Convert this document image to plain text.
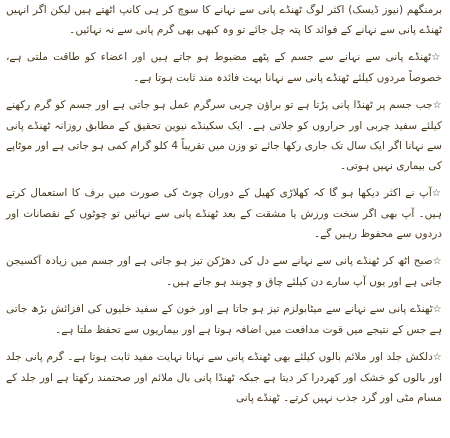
برمنگھم (نیوز ڈیسک) اکثر لوگ ٹھنڈے پانی سے نہانے کا سوچ کر ہی کانپ اٹھتے ہیں لیکن اگر انہیں ٹھنڈے پانی سے نہانے کے فوائد کا پتہ چل جائے تو وہ کبھی بھی گرم پانی سے نہ نہائیں۔

☆ٹھنڈے پانی سے نہانے سے جسم کے پٹھے مضبوط ہو جاتے ہیں اور اعضاء کو طاقت ملتی ہے، خصوصاً مردوں کیلئے ٹھنڈے پانی سے نہانا بہت فائدہ مند ثابت ہوتا ہے۔

☆جب جسم پر ٹھنڈا پانی پڑتا ہے تو براؤن چربی سرگرم عمل ہو جاتی ہے اور جسم کو گرم رکھنے کیلئے سفید چربی اور حراروں کو جلاتی ہے۔ ایک سکینڈے نیوین تحقیق کے مطابق روزانہ ٹھنڈے پانی سے نہانا اگر ایک سال تک جاری رکھا جائے تو وزن میں تقریباً 4 کلو گرام کمی ہو جاتی ہے اور موٹاپے کی بیماری نہیں ہوتی۔

☆آپ نے اکثر دیکھا ہو گا کہ کھلاڑی کھیل کے دوران چوٹ کی صورت میں برف کا استعمال کرتے ہیں۔ آپ بھی اگر سخت ورزش یا مشقت کے بعد ٹھنڈے پانی سے نہائیں تو چوٹوں کے نقصانات اور دردوں سے محفوظ رہیں گے۔

☆صبح اٹھ کر ٹھنڈے پانی سے نہانے سے دل کی دھڑکن تیز ہو جاتی ہے اور جسم میں زیادہ آکسیجن جاتی ہے اور یوں آپ سارے دن کیلئے چاق و چوبند ہو جاتے ہیں۔

☆ٹھنڈے پانی سے نہانے سے میٹابولزم تیز ہو جاتا ہے اور خون کے سفید خلیوں کی افزائش بڑھ جاتی ہے جس کے نتیجے میں قوت مدافعت میں اضافہ ہوتا ہے اور بیماریوں سے تحفظ ملتا ہے۔

☆دلکش جلد اور ملائم بالوں کیلئے بھی ٹھنڈے پانی سے نہانا نہایت مفید ثابت ہوتا ہے۔ گرم پانی جلد اور بالوں کو خشک اور کھردرا کر دیتا ہے جبکہ ٹھنڈا پانی بال ملائم اور صحتمند رکھتا ہے اور جلد کے مسام مٹی اور گرد جذب نہیں کرتے۔ ٹھنڈے پانی
